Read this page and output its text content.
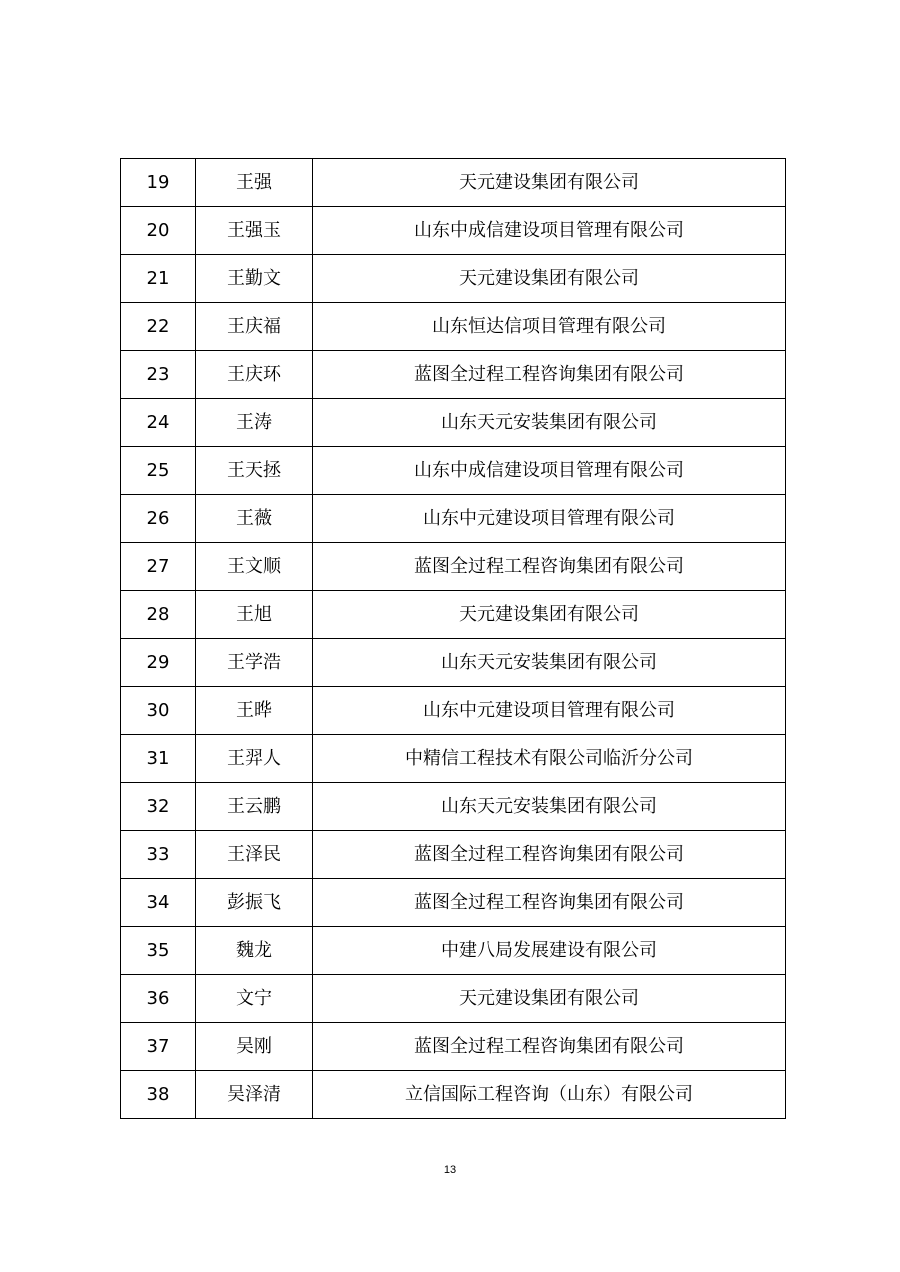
19	王强	天元建设集团有限公司
20	王强玉	山东中成信建设项目管理有限公司
21	王勤文	天元建设集团有限公司
22	王庆福	山东恒达信项目管理有限公司
23	王庆环	蓝图全过程工程咨询集团有限公司
24	王涛	山东天元安装集团有限公司
25	王天拯	山东中成信建设项目管理有限公司
26	王薇	山东中元建设项目管理有限公司
27	王文顺	蓝图全过程工程咨询集团有限公司
28	王旭	天元建设集团有限公司
29	王学浩	山东天元安装集团有限公司
30	王晔	山东中元建设项目管理有限公司
31	王羿人	中精信工程技术有限公司临沂分公司
32	王云鹏	山东天元安装集团有限公司
33	王泽民	蓝图全过程工程咨询集团有限公司
34	彭振飞	蓝图全过程工程咨询集团有限公司
35	魏龙	中建八局发展建设有限公司
36	文宁	天元建设集团有限公司
37	吴刚	蓝图全过程工程咨询集团有限公司
38	吴泽清	立信国际工程咨询（山东）有限公司
13
